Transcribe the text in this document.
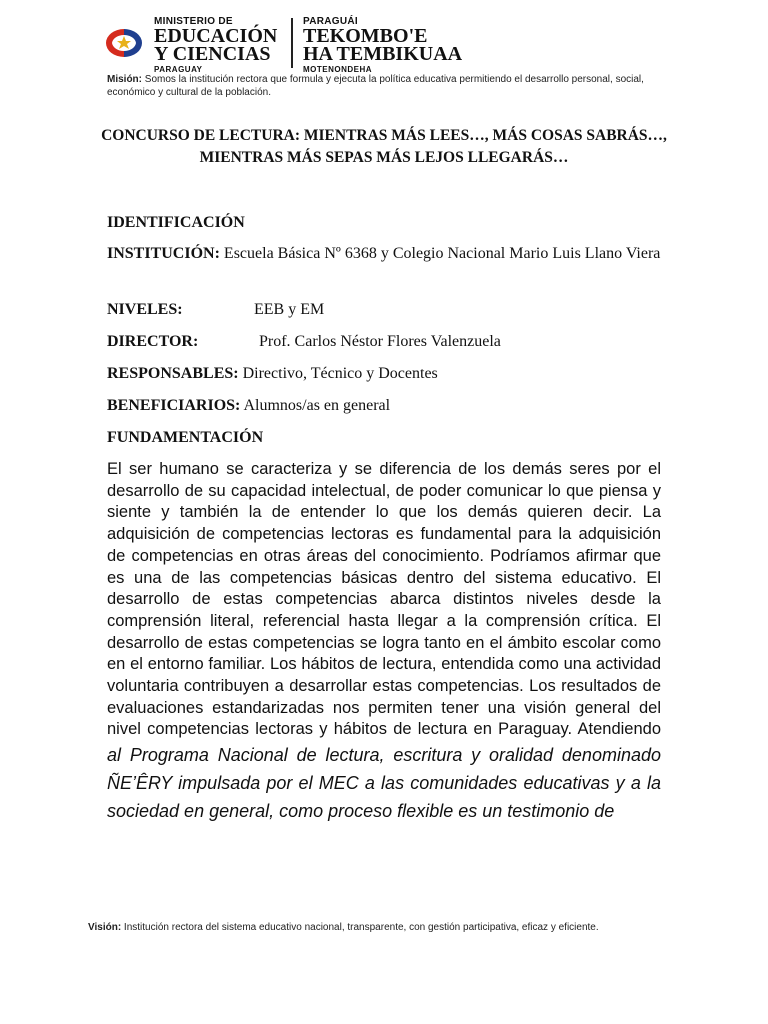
MINISTERIO DE
EDUCACIÓN
Y CIENCIAS
PARAGUAY
PARAGUÁI
TEKOMBO'E
HA TEMBIKUAA
MOTENONDEHA
Misión: Somos la institución rectora que formula y ejecuta la política educativa permitiendo el desarrollo personal, social, económico y cultural de la población.
CONCURSO DE LECTURA: MIENTRAS MÁS LEES…, MÁS COSAS SABRÁS…, MIENTRAS MÁS SEPAS MÁS LEJOS LLEGARÁS…
IDENTIFICACIÓN
INSTITUCIÓN: Escuela Básica Nº 6368 y Colegio Nacional Mario Luis Llano Viera
NIVELES:	EEB y EM
DIRECTOR:	Prof. Carlos Néstor Flores Valenzuela
RESPONSABLES: Directivo, Técnico y Docentes
BENEFICIARIOS: Alumnos/as en general
FUNDAMENTACIÓN
El ser humano se caracteriza y se diferencia de los demás seres por el desarrollo de su capacidad intelectual, de poder comunicar lo que piensa y siente y también la de entender lo que los demás quieren decir. La adquisición de competencias lectoras es fundamental para la adquisición de competencias en otras áreas del conocimiento. Podríamos afirmar que es una de las competencias básicas dentro del sistema educativo. El desarrollo de estas competencias abarca distintos niveles desde la comprensión literal, referencial hasta llegar a la comprensión crítica. El desarrollo de estas competencias se logra tanto en el ámbito escolar como en el entorno familiar. Los hábitos de lectura, entendida como una actividad voluntaria contribuyen a desarrollar estas competencias. Los resultados de evaluaciones estandarizadas nos permiten tener una visión general del nivel competencias lectoras y hábitos de lectura en Paraguay. Atendiendo al Programa Nacional de lectura, escritura y oralidad denominado ÑE’ÊRY impulsada por el MEC a las comunidades educativas y a la sociedad en general, como proceso flexible es un testimonio de
Visión: Institución rectora del sistema educativo nacional, transparente, con gestión participativa, eficaz y eficiente.
